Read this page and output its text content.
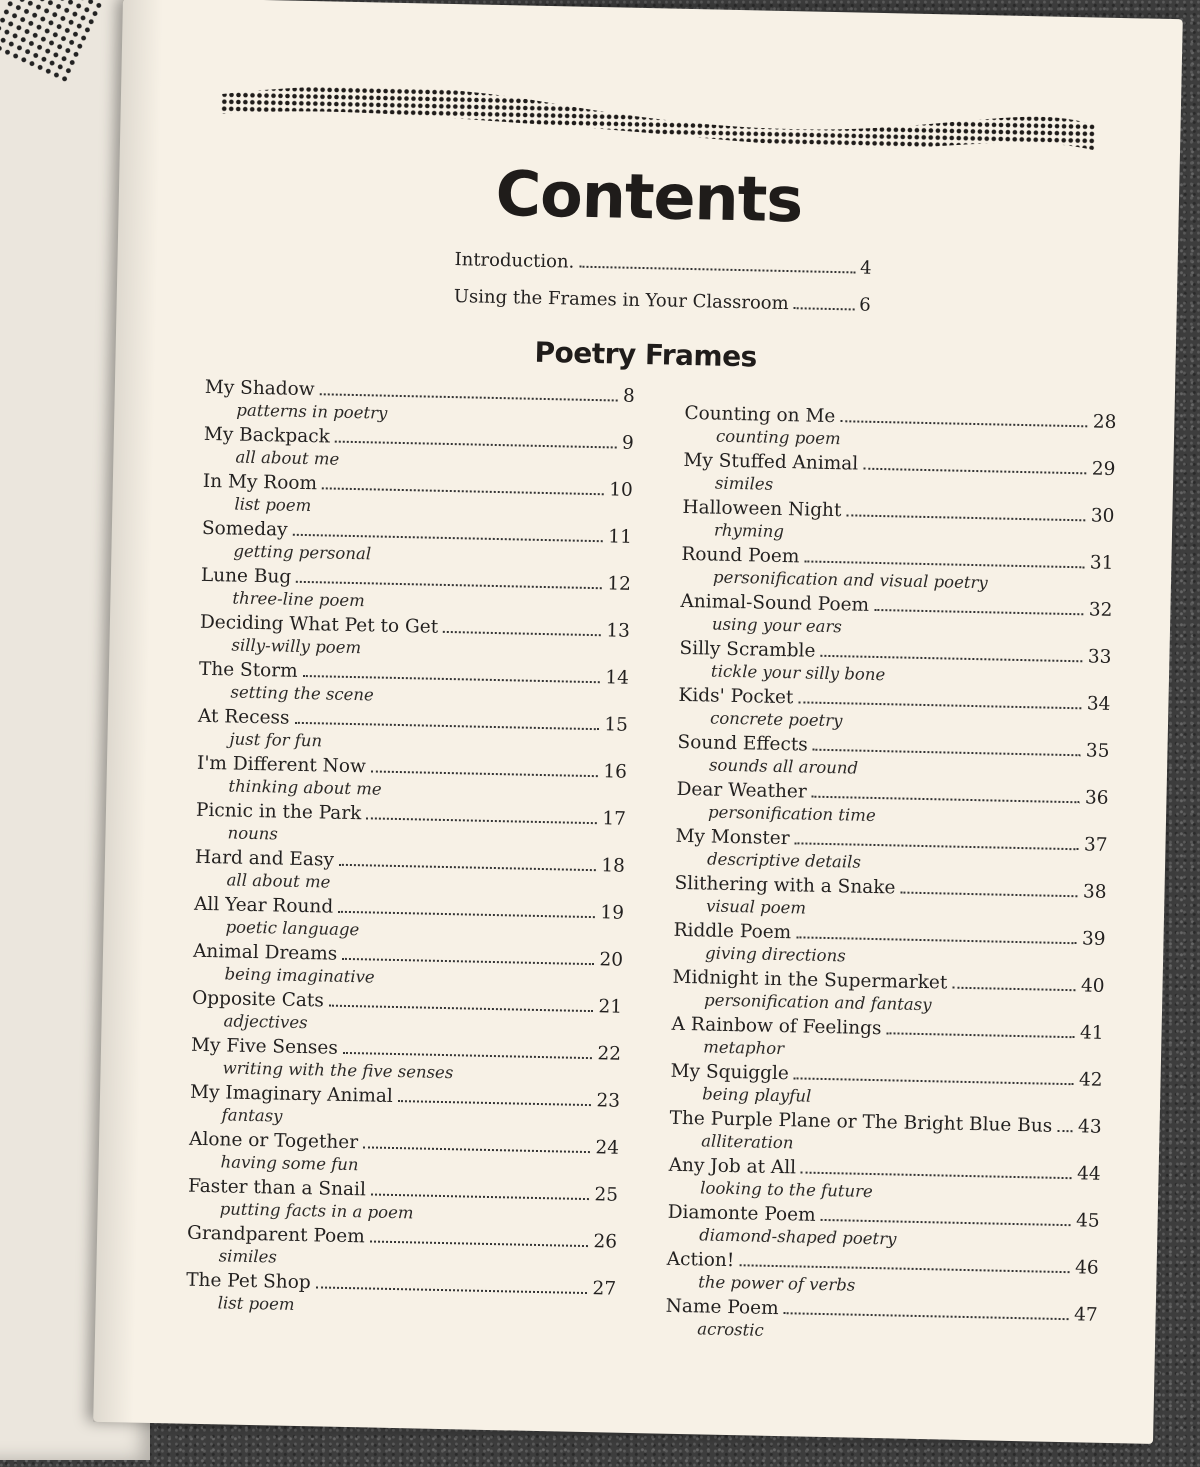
Contents
Introduction.	4
Using the Frames in Your Classroom	6
Poetry Frames
My Shadow	8
patterns in poetry
My Backpack	9
all about me
In My Room	10
list poem
Someday	11
getting personal
Lune Bug	12
three-line poem
Deciding What Pet to Get	13
silly-willy poem
The Storm	14
setting the scene
At Recess	15
just for fun
I'm Different Now	16
thinking about me
Picnic in the Park	17
nouns
Hard and Easy	18
all about me
All Year Round	19
poetic language
Animal Dreams	20
being imaginative
Opposite Cats	21
adjectives
My Five Senses	22
writing with the five senses
My Imaginary Animal	23
fantasy
Alone or Together	24
having some fun
Faster than a Snail	25
putting facts in a poem
Grandparent Poem	26
similes
The Pet Shop	27
list poem
Counting on Me	28
counting poem
My Stuffed Animal	29
similes
Halloween Night	30
rhyming
Round Poem	31
personification and visual poetry
Animal-Sound Poem	32
using your ears
Silly Scramble	33
tickle your silly bone
Kids' Pocket	34
concrete poetry
Sound Effects	35
sounds all around
Dear Weather	36
personification time
My Monster	37
descriptive details
Slithering with a Snake	38
visual poem
Riddle Poem	39
giving directions
Midnight in the Supermarket	40
personification and fantasy
A Rainbow of Feelings	41
metaphor
My Squiggle	42
being playful
The Purple Plane or The Bright Blue Bus 43
alliteration
Any Job at All	44
looking to the future
Diamonte Poem	45
diamond-shaped poetry
Action!	46
the power of verbs
Name Poem	47
acrostic
